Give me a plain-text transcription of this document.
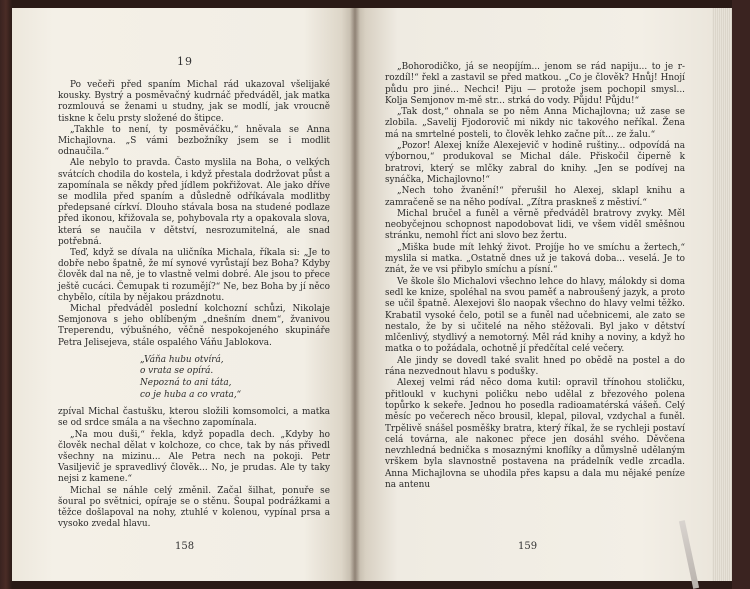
19

Po večeři před spaním Michal rád ukazoval všelijaké kousky. Bystrý a posměvačný kudrnáč předváděl, jak matka rozmlouvá se ženami u studny, jak se modlí, jak vroucně tiskne k čelu prsty složené do štipce.

„Takhle to není, ty posměváčku,“ hněvala se Anna Michajlovna. „S vámi bezbožníky jsem se i modlit odnaučila.“

Ale nebylo to pravda. Často myslila na Boha, o velkých svátcích chodila do kostela, i když přestala dodržovat půst a zapomínala se někdy před jídlem pokřižovat. Ale jako dříve se modlila před spaním a důsledně odříkávala modlitby předepsané církví. Dlouho stávala bosa na studené podlaze před ikonou, křižovala se, pohybovala rty a opakovala slova, která se naučila v dětství, nesrozumitelná, ale snad potřebná.

Teď, když se dívala na uličníka Michala, říkala si: „Je to dobře nebo špatně, že mí synové vyrůstají bez Boha? Kdyby člověk dal na ně, je to vlastně velmi dobré. Ale jsou to přece ještě cucáci. Čemupak ti rozumějí?“ Ne, bez Boha by jí něco chybělo, cítila by nějakou prázdnotu.

Michal předváděl poslední kolchozní schůzi, Nikolaje Semjonova s jeho oblíbeným „dnešním dnem“, žvanivou Treperendu, výbušného, věčně nespokojeného skupináře Petra Jelisejeva, stále ospalého Váňu Jablokova.

„Váňa hubu otvírá,
o vrata se opírá.
Nepozná to ani táta,
co je huba a co vrata,“

zpíval Michal častušku, kterou složili komsomolci, a matka se od srdce smála a na všechno zapomínala.

„Na mou duši,“ řekla, když popadla dech. „Kdyby ho člověk nechal dělat v kolchoze, co chce, tak by nás přivedl všechny na mizinu... Ale Petra nech na pokoji. Petr Vasiljevič je spravedlivý člověk... No, je prudas. Ale ty taky nejsi z kamene.“

Michal se náhle celý změnil. Začal šilhat, ponuře se šoural po světnici, opíraje se o stěnu. Šoupal podrážkami a těžce došlapoval na nohy, ztuhlé v kolenou, vypínal prsa a vysoko zvedal hlavu.

158

„Bohorodičko, já se neopíjím... jenom se rád napiju... to je r-rozdíl!“ řekl a zastavil se před matkou. „Co je člověk? Hnůj! Hnojí půdu pro jiné... Nechci! Piju — protože jsem pochopil smysl... Kolja Semjonov m-mě str... strká do vody. Půjdu! Půjdu!“

„Tak dost,“ ohnala se po něm Anna Michajlovna; už zase se zlobila. „Savelij Fjodorovič mi nikdy nic takového neříkal. Žena má na smrtelné posteli, to člověk lehko začne pít... ze žalu.“

„Pozor! Alexej kníže Alexejevič v hodině ruštiny... odpovídá na výbornou,“ produkoval se Michal dále. Přiskočil čiperně k bratrovi, který se mlčky zabral do knihy. „Jen se podívej na synáčka, Michajlovno!“

„Nech toho žvanění!“ přerušil ho Alexej, sklapl knihu a zamračeně se na něho podíval. „Zítra praskneš z městiví.“

Michal bručel a funěl a věrně předváděl bratrovy zvyky. Měl neobyčejnou schopnost napodobovat lidi, ve všem viděl směšnou stránku, nemohl říct ani slovo bez žertu.

„Miška bude mít lehký život. Projíje ho ve smíchu a žertech,“ myslila si matka. „Ostatně dnes už je taková doba... veselá. Je to znát, že ve vsi přibylo smíchu a písní.“

Ve škole šlo Michalovi všechno lehce do hlavy, málokdy si doma sedl ke knize, spoléhal na svou paměť a nabroušený jazyk, a proto se učil špatně. Alexejovi šlo naopak všechno do hlavy velmi těžko. Krabatil vysoké čelo, potil se a funěl nad učebnicemi, ale zato se nestalo, že by si učitelé na něho stěžovali. Byl jako v dětství mlčenlivý, stydlivý a nemotorný. Měl rád knihy a noviny, a když ho matka o to požádala, ochotně jí předčítal celé večery.

Ale jindy se dovedl také svalit hned po obědě na postel a do rána nezvednout hlavu s poduškу.

Alexej velmi rád něco doma kutil: opravil třínohou stoličku, přitloukl v kuchyni poličku nebo udělal z březového polena topůrko k sekeře. Jednou ho posedla radioamatérská vášeň. Celý měsíc po večerech něco brousil, klepal, piloval, vzdychal a funěl. Trpělivě snášel posměšky bratra, který říkal, že se rychleji postaví celá továrna, ale nakonec přece jen dosáhl svého. Děvčena nevzhledná bednička s mosaznými knoflíky a důmyslně udělaným vrškem byla slavnostně postavena na prádelník vedle zrcadla. Anna Michajlovna se uhodila přes kapsu a dala mu nějaké peníze na antenu

159
